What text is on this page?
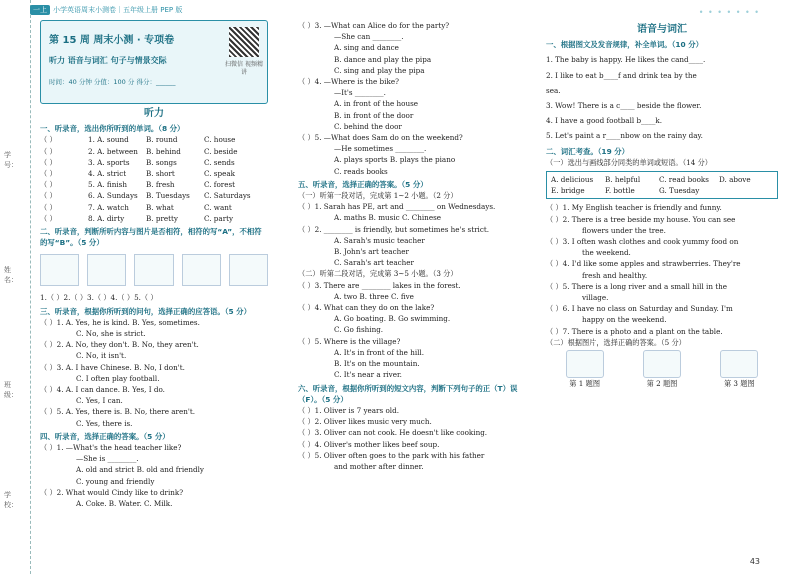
学号：
姓名：
班级：
学校：
一上 小学英语周末小测卷｜五年级上册 PEP 版	• • • • • • •
第 15 周 周末小测 · 专项卷
听力 语音与词汇 句子与情景交际
时间：40 分钟 分值：100 分 得分：______
扫微信 视频精讲
听力
一、听录音，选出你所听到的单词。（8 分）
（ ）	1. A. sound	B. round	C. house
（ ）	2. A. between	B. behind	C. beside
（ ）	3. A. sports	B. songs	C. sends
（ ）	4. A. strict	B. short	C. speak
（ ）	5. A. finish	B. fresh	C. forest
（ ）	6. A. Sundays	B. Tuesdays	C. Saturdays
（ ）	7. A. watch	B. what	C. want
（ ）	8. A. dirty	B. pretty	C. party
二、听录音，判断所听内容与图片是否相符，相符的写“A”，不相符的写“B”。（5 分）
1.（ ）2.（ ）3.（ ）4.（ ）5.（ ）
三、听录音，根据你所听到的问句，选择正确的应答语。（5 分）
（ ）1. A. Yes, he is kind. B. Yes, sometimes.
C. No, she is strict.
（ ）2. A. No, they don't. B. No, they aren't.
C. No, it isn't.
（ ）3. A. I have Chinese. B. No, I don't.
C. I often play football.
（ ）4. A. I can dance. B. Yes, I do.
C. Yes, I can.
（ ）5. A. Yes, there is. B. No, there aren't.
C. Yes, there is.
四、听录音，选择正确的答案。（5 分）
（ ）1. —What's the head teacher like?
—She is ________.
A. old and strict B. old and friendly
C. young and friendly
（ ）2. What would Cindy like to drink?
A. Coke. B. Water. C. Milk.
（ ）3. —What can Alice do for the party?
—She can ________.
A. sing and dance
B. dance and play the pipa
C. sing and play the pipa
（ ）4. —Where is the bike?
—It's ________.
A. in front of the house
B. in front of the door
C. behind the door
（ ）5. —What does Sam do on the weekend?
—He sometimes ________.
A. plays sports B. plays the piano
C. reads books
五、听录音，选择正确的答案。（5 分）
（一）听第一段对话，完成第 1~2 小题。（2 分）
（ ）1. Sarah has PE, art and ________ on Wednesdays.
A. maths B. music C. Chinese
（ ）2. ________ is friendly, but sometimes he's strict.
A. Sarah's music teacher
B. John's art teacher
C. Sarah's art teacher
（二）听第二段对话，完成第 3~5 小题。（3 分）
（ ）3. There are ________ lakes in the forest.
A. two B. three C. five
（ ）4. What can they do on the lake?
A. Go boating. B. Go swimming.
C. Go fishing.
（ ）5. Where is the village?
A. It's in front of the hill.
B. It's on the mountain.
C. It's near a river.
六、听录音，根据你所听到的短文内容，判断下列句子的正（T）误（F）。（5 分）
（ ）1. Oliver is 7 years old.
（ ）2. Oliver likes music very much.
（ ）3. Oliver can not cook. He doesn't like cooking.
（ ）4. Oliver's mother likes beef soup.
（ ）5. Oliver often goes to the park with his father
and mother after dinner.
语音与词汇
一、根据图文及发音规律，补全单词。（10 分）
1. The baby is happy. He likes the cand____.
2. I like to eat b____f and drink tea by the
sea.
3. Wow! There is a c____ beside the flower.
4. I have a good football b____k.
5. Let's paint a r____nbow on the rainy day.
二、词汇考查。（19 分）
（一）选出与画线部分同类的单词或短语。（14 分）
A. delicious	B. helpful	C. read books	D. above
E. bridge	F. bottle	G. Tuesday
（ ）1. My English teacher is friendly and funny.
（ ）2. There is a tree beside my house. You can see
flowers under the tree.
（ ）3. I often wash clothes and cook yummy food on
the weekend.
（ ）4. I'd like some apples and strawberries. They're
fresh and healthy.
（ ）5. There is a long river and a small hill in the
village.
（ ）6. I have no class on Saturday and Sunday. I'm
happy on the weekend.
（ ）7. There is a photo and a plant on the table.
（二）根据图片，选择正确的答案。（5 分）
第 1 题图	第 2 题图	第 3 题图
43
